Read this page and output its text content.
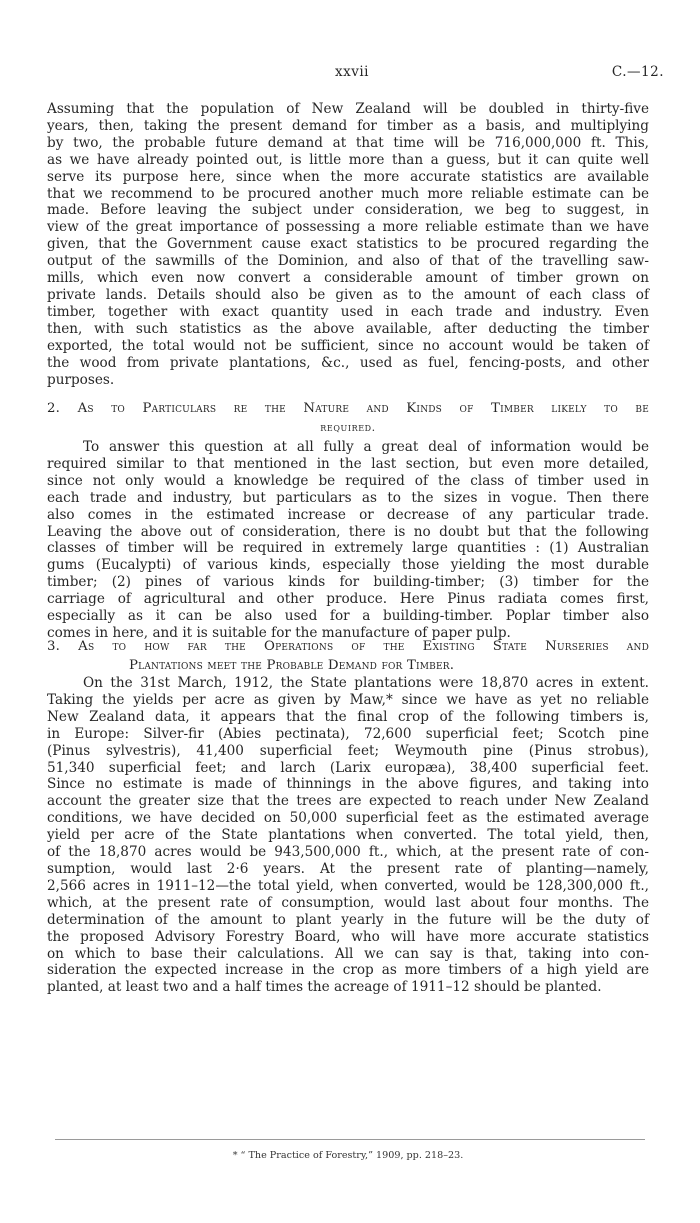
xxvii	C.—12.
Assuming that the population of New Zealand will be doubled in thirty-five
years, then, taking the present demand for timber as a basis, and multiplying
by two, the probable future demand at that time will be 716,000,000 ft. This,
as we have already pointed out, is little more than a guess, but it can quite well
serve its purpose here, since when the more accurate statistics are available
that we recommend to be procured another much more reliable estimate can be
made. Before leaving the subject under consideration, we beg to suggest, in
view of the great importance of possessing a more reliable estimate than we have
given, that the Government cause exact statistics to be procured regarding the
output of the sawmills of the Dominion, and also of that of the travelling saw-
mills, which even now convert a considerable amount of timber grown on
private lands. Details should also be given as to the amount of each class of
timber, together with exact quantity used in each trade and industry. Even
then, with such statistics as the above available, after deducting the timber
exported, the total would not be sufficient, since no account would be taken of
the wood from private plantations, &c., used as fuel, fencing-posts, and other
purposes.
2. As to Particulars re the Nature and Kinds of Timber likely to be
required.
To answer this question at all fully a great deal of information would be
required similar to that mentioned in the last section, but even more detailed,
since not only would a knowledge be required of the class of timber used in
each trade and industry, but particulars as to the sizes in vogue. Then there
also comes in the estimated increase or decrease of any particular trade.
Leaving the above out of consideration, there is no doubt but that the following
classes of timber will be required in extremely large quantities : (1) Australian
gums (Eucalypti) of various kinds, especially those yielding the most durable
timber; (2) pines of various kinds for building-timber; (3) timber for the
carriage of agricultural and other produce. Here Pinus radiata comes first,
especially as it can be also used for a building-timber. Poplar timber also
comes in here, and it is suitable for the manufacture of paper pulp.
3. As to how far the Operations of the Existing State Nurseries and
Plantations meet the Probable Demand for Timber.
On the 31st March, 1912, the State plantations were 18,870 acres in extent.
Taking the yields per acre as given by Maw,* since we have as yet no reliable
New Zealand data, it appears that the final crop of the following timbers is,
in Europe: Silver-fir (Abies pectinata), 72,600 superficial feet; Scotch pine
(Pinus sylvestris), 41,400 superficial feet; Weymouth pine (Pinus strobus),
51,340 superficial feet; and larch (Larix europæa), 38,400 superficial feet.
Since no estimate is made of thinnings in the above figures, and taking into
account the greater size that the trees are expected to reach under New Zealand
conditions, we have decided on 50,000 superficial feet as the estimated average
yield per acre of the State plantations when converted. The total yield, then,
of the 18,870 acres would be 943,500,000 ft., which, at the present rate of con-
sumption, would last 2·6 years. At the present rate of planting—namely,
2,566 acres in 1911–12—the total yield, when converted, would be 128,300,000 ft.,
which, at the present rate of consumption, would last about four months. The
determination of the amount to plant yearly in the future will be the duty of
the proposed Advisory Forestry Board, who will have more accurate statistics
on which to base their calculations. All we can say is that, taking into con-
sideration the expected increase in the crop as more timbers of a high yield are
planted, at least two and a half times the acreage of 1911–12 should be planted.
* “ The Practice of Forestry,” 1909, pp. 218–23.
